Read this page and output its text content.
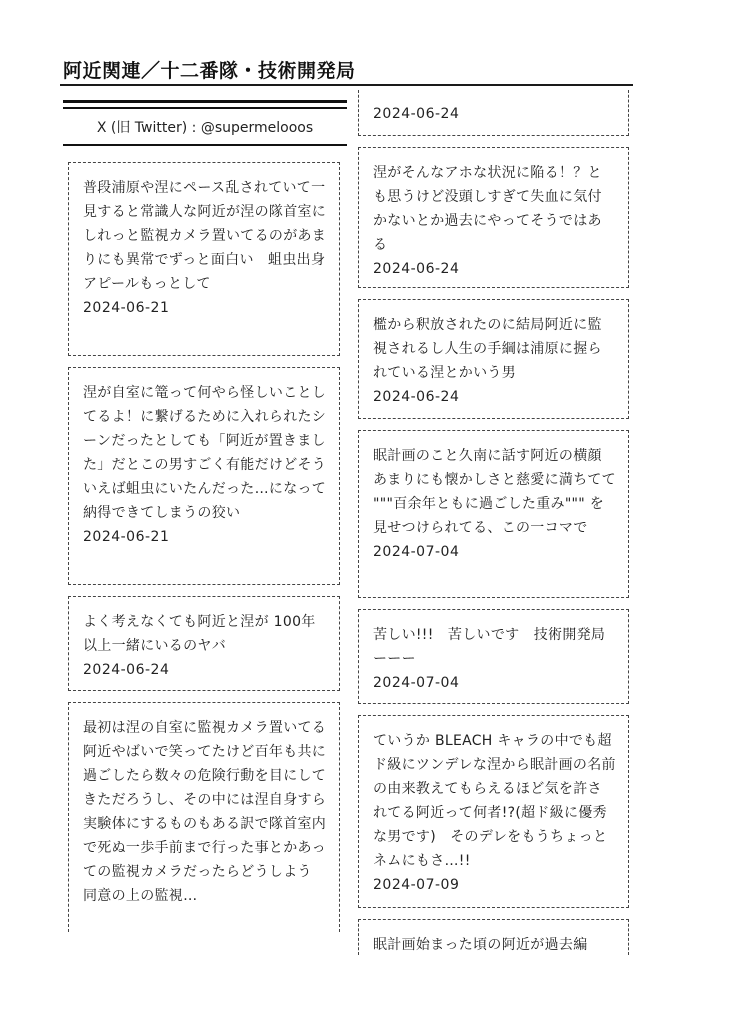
阿近関連／十二番隊・技術開発局
X (旧 Twitter) : @supermelooos
普段浦原や涅にペース乱されていて一見すると常識人な阿近が涅の隊首室にしれっと監視カメラ置いてるのがあまりにも異常でずっと面白い　蛆虫出身アピールもっとして
2024-06-21
涅が自室に篭って何やら怪しいことしてるよ！に繋げるために入れられたシーンだったとしても「阿近が置きました」だとこの男すごく有能だけどそういえば蛆虫にいたんだった…になって納得できてしまうの狡い
2024-06-21
よく考えなくても阿近と涅が 100年以上一緒にいるのヤバ
2024-06-24
最初は涅の自室に監視カメラ置いてる阿近やばいで笑ってたけど百年も共に過ごしたら数々の危険行動を目にしてきただろうし、その中には涅自身すら実験体にするものもある訳で隊首室内で死ぬ一歩手前まで行った事とかあっての監視カメラだったらどうしよう　同意の上の監視…
2024-06-24
涅がそんなアホな状況に陥る！？とも思うけど没頭しすぎて失血に気付かないとか過去にやってそうではある
2024-06-24
檻から釈放されたのに結局阿近に監視されるし人生の手綱は浦原に握られている涅とかいう男
2024-06-24
眠計画のこと久南に話す阿近の横顔あまりにも懐かしさと慈愛に満ちてて """百余年ともに過ごした重み""" を見せつけられてる、この一コマで
2024-07-04
苦しい!!!　苦しいです　技術開発局ーーー
2024-07-04
ていうか BLEACH キャラの中でも超ド級にツンデレな涅から眠計画の名前の由来教えてもらえるほど気を許されてる阿近って何者!?(超ド級に優秀な男です)　そのデレをもうちょっとネムにもさ…!!
2024-07-09
眠計画始まった頃の阿近が過去編
